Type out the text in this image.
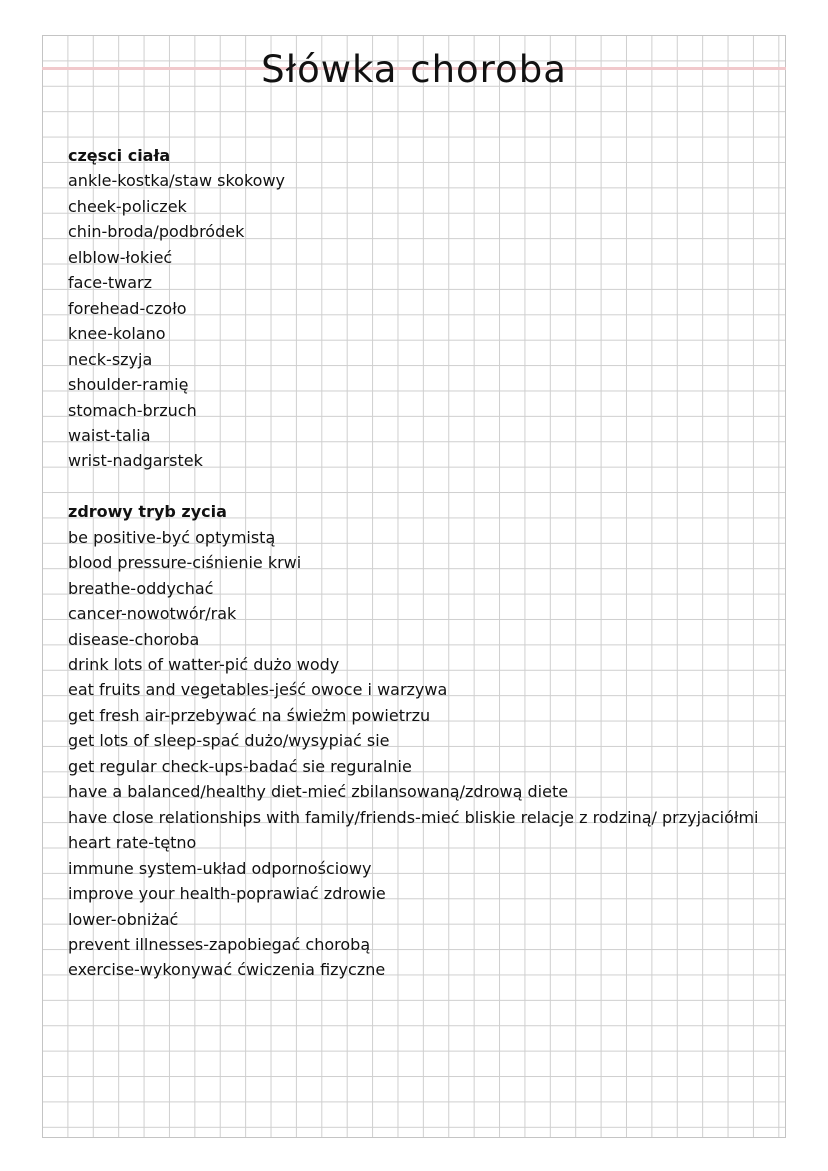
Słówka choroba

częsci ciała

ankle-kostka/staw skokowy

cheek-policzek

chin-broda/podbródek

elblow-łokieć

face-twarz

forehead-czoło

knee-kolano

neck-szyja

shoulder-ramię

stomach-brzuch

waist-talia

wrist-nadgarstek

zdrowy tryb zycia

be positive-być optymistą

blood pressure-ciśnienie krwi

breathe-oddychać

cancer-nowotwór/rak

disease-choroba

drink lots of watter-pić dużo wody

eat fruits and vegetables-jeść owoce i warzywa

get fresh air-przebywać na świeżm powietrzu

get lots of sleep-spać dużo/wysypiać sie

get regular check-ups-badać sie reguralnie

have a balanced/healthy diet-mieć zbilansowaną/zdrową diete

have close relationships with family/friends-mieć bliskie relacje z rodziną/ przyjaciółmi

heart rate-tętno

immune system-układ odpornościowy

improve your health-poprawiać zdrowie

lower-obniżać

prevent illnesses-zapobiegać chorobą

exercise-wykonywać ćwiczenia fizyczne
